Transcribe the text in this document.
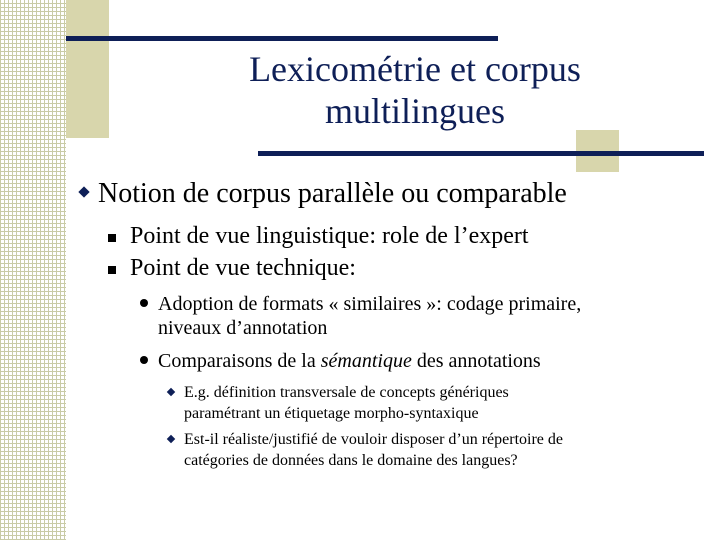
Lexicométrie et corpus
multilingues
Notion de corpus parallèle ou comparable
Point de vue linguistique: role de l’expert
Point de vue technique:
Adoption de formats « similaires »: codage primaire,
niveaux d’annotation
Comparaisons de la sémantique des annotations
E.g. définition transversale de concepts génériques
paramétrant un étiquetage morpho-syntaxique
Est-il réaliste/justifié de vouloir disposer d’un répertoire de
catégories de données dans le domaine des langues?
